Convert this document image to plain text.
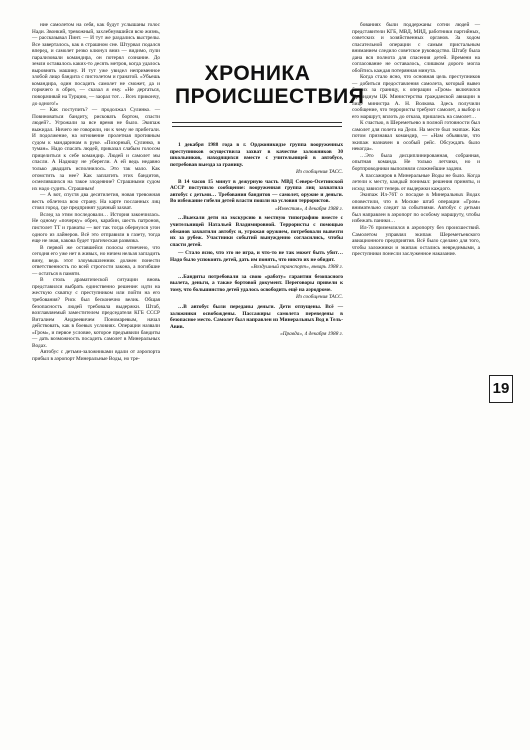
ние самолетом на себя, как будут услышаны голос Нади. Звонкий, тревожный, захлебнувшийся всю жизнь, — рассказывал Пинт. — И тут же раздались выстрелы. Все заверталось, как в страшном сне. Штурвал подался вперед, и самолет резко клюнул вниз — видимо, пули парализовали командира, он потерял сознание. До земли оставалось каких-то десять метров, когда удалось выровнять машину. И тут уже увидел неприменное злобой лицо бандита с пистолетом и гранатой. «Убьешь командира, один посадить самолет не сможет, да и горючего в обрез, — сказал я ему. «Не дергаться, поворачивай на Турцию, — заорал тот… Всех прикончу, до одного!»

— Как поступить? — продолжал Сулинко. — Повиноваться бандиту, рисковать бортом, спасти людей?.. Угрожали за все время не было. Экипаж выжидал. Ничего не говорили, ни к чему не прибегали. И подолжение, на мгновение пролетная противным судом к мандаринам в руке. «Позорный, Сулинко, в туман». Надо спасать людей, приказал слабым голосом прицелиться к себе командир. Людей и самолет мы спасли. А Надюшу не уберегли. А ей ведь недавно только двадцать исполнилось. Это так мало. Как отомстить за нее? Как заплатить этих бандитов, осмелившихся на такое злодеяние? Страшными судом их надо судить. Страшным!

— А вот, спустя два десятилетия, новая тревожная весть облетела всю страну. На карте посланных лиц стоял город, где предпринят удачный захват.

Вслед за этим последовали… История закончилась. Не одному «почерку» обрез, карабин, шесть патронов, пистолет ТТ и гранаты — вот так тогда обернулся угон одного из лайнеров. Всё это отправили в газету, тогда еще не зная, какова будет трагическая развязка.

В первой же оставшейся полосы отмечено, что сегодня его уже нет в живых, но ничем нельзя загладить вину, ведь этот злоумышленник должен понести ответственность по всей строгости закона, а погибшие — остаться в памяти.

В столь драматической ситуации вновь представился выбрать единственно решение: идти на жесткую схватку с преступником или пойти на его требования? Риск был бесконечно велик. Общая безопасность людей требовала выдержки. Штаб, возглавляемый заместителем председателя КГБ СССР Виталием Андреевичем Пономаревым, начал действовать, как в боевых условиях. Операции назвали «Гром», и первое условие, которое предъявили бандиты — дать возможность посадить самолет в Минеральных Водах.

Автобус с детьми-заложниками вдали от аэропорта прибыл в аэропорт Минеральные Воды, но тре-

ХРОНИКА
ПРОИСШЕСТВИЯ

1 декабря 1988 года в г. Орджоникидзе группа вооруженных преступников осуществила захват в качестве заложников 30 школьников, находящихся вместе с учительницей в автобусе, потребовав выезда за границу.

Из сообщения ТАСС.

В 14 часов 15 минут в дежурную часть МВД Северо-Осетинской АССР поступило сообщение: вооруженная группа лиц захватила автобус с детьми… Требования бандитов — самолет, оружие и деньги. Во избежание гибели детей власти пошли на условия террористов.

«Известия», 4 декабря 1988 г.

…Выехали дети на экскурсию в местную типографию вместе с учительницей Натальей Владимировной. Террористы с помощью обманов захватили автобус и, угрожая оружием, потребовали вывезти их за рубеж. Участники событий вынужденно согласились, чтобы спасти детей.

— Стало ясно, что это не игра, и что-то не так может быть убит… Надо было успокоить детей, дать им понять, что никто их не обидит.

«Воздушный транспорт», январь 1988 г.

…Бандиты потребовали за свою «работу» гарантии безопасного вылета, деньги, а также бортовой документ. Переговоры привели к тому, что большинство детей удалось освободить ещё на аэродроме.

Из сообщения ТАСС.

…В автобус были переданы деньги. Дети отпущены. Всё — заложники освобождены. Пассажиры самолета переведены в безопасное место. Самолет был направлен из Минеральных Вод в Тель-Авив.

«Правда», 4 декабря 1988 г.

бованиях были поддержаны сотни людей — представители КГБ, МВД, МИД, работники партийных, советских и хозяйственных органов. За ходом спасательной операции с самым пристальным вниманием следило советское руководство. Штабу была дана вся полнота для спасения детей. Времени на согласование не оставалось, слишком дорого могла обойтись каждая потерянная минута.

Когда стало ясно, что основная цель преступников — добиться предоставления самолета, который вывез бы их за границу, к операции «Гром» включился Президиум ЦК Министерства гражданской авиации в лице министра А. Н. Волкова. Здесь получили сообщение, что террористы требуют самолет, а выбор и его маршрут, вплоть до отказа, пришлись на самолет…

К счастью, в Шереметьево в полной готовности был самолет для полета на Дели. На месте был экипаж. Как потом признавал командир, — «Нам объявили, что экипаж назначен в особый рейс. Обсуждать было некогда».

…Это была дисциплинированная, собранная, опытная команда. Не только летчики, но и бортпроводники выполняли сложнейшие задачи.

А пассажиров в Минеральные Воды не было. Когда летели к месту, каждый понимал: решения приняты, и исход зависит теперь от выдержки каждого.

Экипаж Ил-76Т о посадке в Минеральных Водах оповестили, что в Москве штаб операции «Гром» внимательно следит за событиями. Автобус с детьми был направлен в аэропорт по особому маршруту, чтобы избежать паники…

Ил-76 приземлился в аэропорту без происшествий. Самолетом управлял экипаж Шереметьевского авиационного предприятия. Всё было сделано для того, чтобы заложники и экипаж остались невредимыми, а преступники понесли заслуженное наказание.

19
